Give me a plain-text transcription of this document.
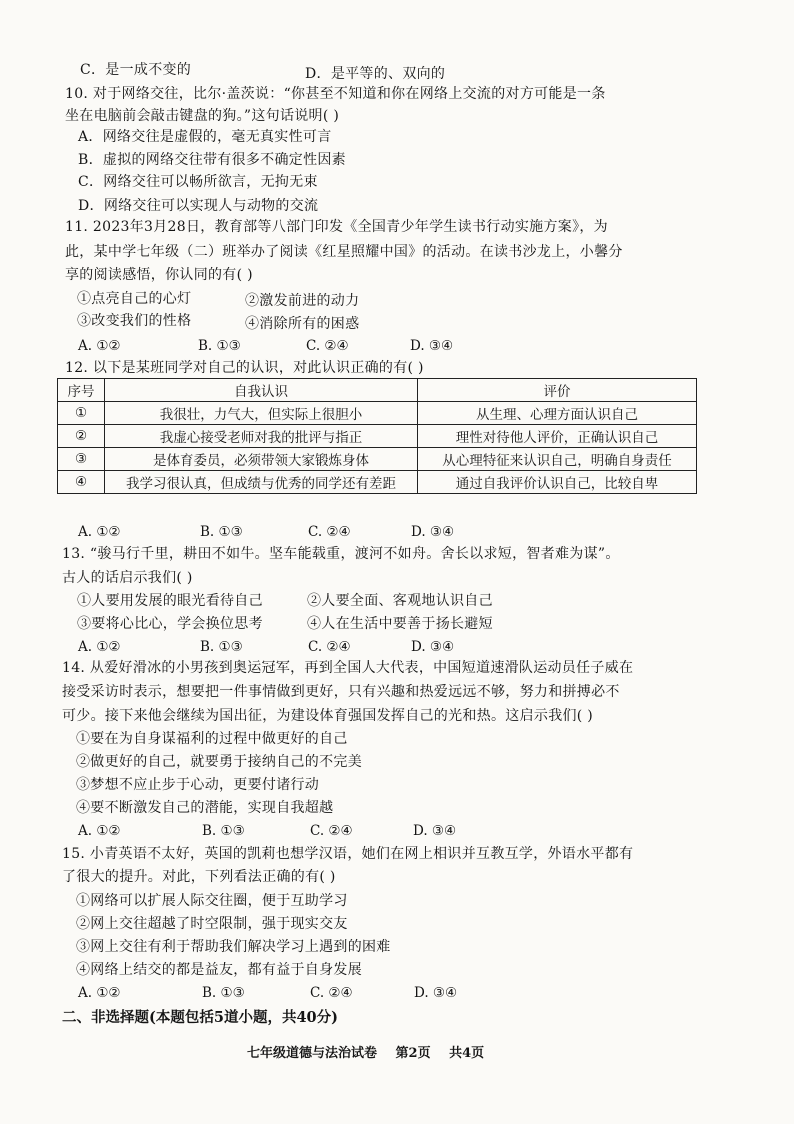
C．是一成不变的	D．是平等的、双向的
10. 对于网络交往，比尔·盖茨说：“你甚至不知道和你在网络上交流的对方可能是一条
坐在电脑前会敲击键盘的狗。”这句话说明( )
A．网络交往是虚假的，毫无真实性可言
B．虚拟的网络交往带有很多不确定性因素
C．网络交往可以畅所欲言，无拘无束
D．网络交往可以实现人与动物的交流
11. 2023年3月28日，教育部等八部门印发《全国青少年学生读书行动实施方案》，为
此，某中学七年级（二）班举办了阅读《红星照耀中国》的活动。在读书沙龙上，小馨分
享的阅读感悟，你认同的有( )
①点亮自己的心灯	②激发前进的动力
③改变我们的性格	④消除所有的困惑
A. ①②	B. ①③	C. ②④	D. ③④
12. 以下是某班同学对自己的认识，对此认识正确的有( )
序号	自我认识	评价
①	我很壮，力气大，但实际上很胆小	从生理、心理方面认识自己
②	我虚心接受老师对我的批评与指正	理性对待他人评价，正确认识自己
③	是体育委员，必须带领大家锻炼身体	从心理特征来认识自己，明确自身责任
④	我学习很认真，但成绩与优秀的同学还有差距	通过自我评价认识自己，比较自卑
A. ①②	B. ①③	C. ②④	D. ③④
13. “骏马行千里，耕田不如牛。坚车能载重，渡河不如舟。舍长以求短，智者难为谋”。
古人的话启示我们( )
①人要用发展的眼光看待自己	②人要全面、客观地认识自己
③要将心比心，学会换位思考	④人在生活中要善于扬长避短
A. ①②	B. ①③	C. ②④	D. ③④
14. 从爱好滑冰的小男孩到奥运冠军，再到全国人大代表，中国短道速滑队运动员任子威在
接受采访时表示，想要把一件事情做到更好，只有兴趣和热爱远远不够，努力和拼搏必不
可少。接下来他会继续为国出征，为建设体育强国发挥自己的光和热。这启示我们( )
①要在为自身谋福利的过程中做更好的自己
②做更好的自己，就要勇于接纳自己的不完美
③梦想不应止步于心动，更要付诸行动
④要不断激发自己的潜能，实现自我超越
A. ①②	B. ①③	C. ②④	D. ③④
15. 小青英语不太好，英国的凯莉也想学汉语，她们在网上相识并互教互学，外语水平都有
了很大的提升。对此，下列看法正确的有( )
①网络可以扩展人际交往圈，便于互助学习
②网上交往超越了时空限制，强于现实交友
③网上交往有利于帮助我们解决学习上遇到的困难
④网络上结交的都是益友，都有益于自身发展
A. ①②	B. ①③	C. ②④	D. ③④
二、非选择题(本题包括5道小题，共40分)
七年级道德与法治试卷 第2页 共4页
